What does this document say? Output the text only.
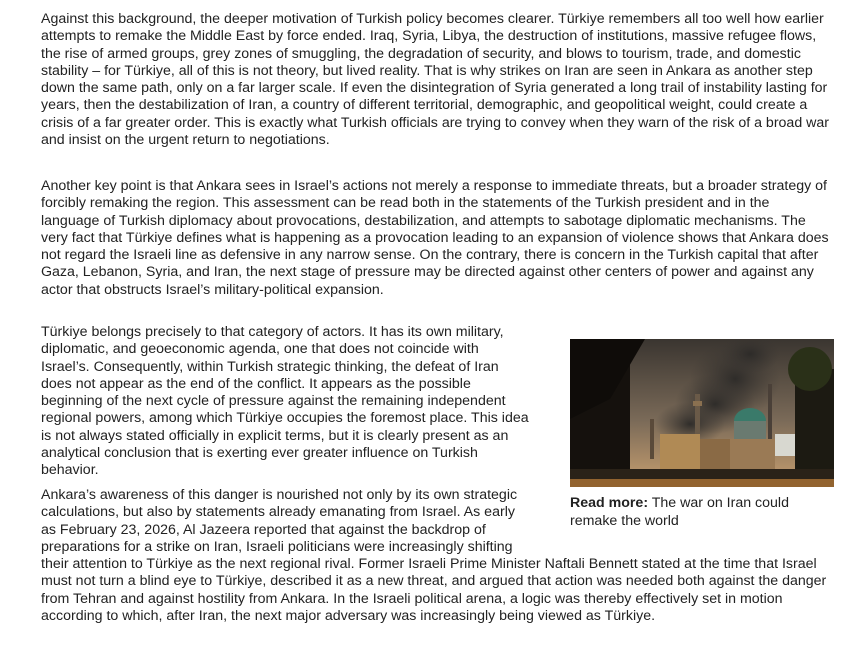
Against this background, the deeper motivation of Turkish policy becomes clearer. Türkiye remembers all too well how earlier attempts to remake the Middle East by force ended. Iraq, Syria, Libya, the destruction of institutions, massive refugee flows, the rise of armed groups, grey zones of smuggling, the degradation of security, and blows to tourism, trade, and domestic stability – for Türkiye, all of this is not theory, but lived reality. That is why strikes on Iran are seen in Ankara as another step down the same path, only on a far larger scale. If even the disintegration of Syria generated a long trail of instability lasting for years, then the destabilization of Iran, a country of different territorial, demographic, and geopolitical weight, could create a crisis of a far greater order. This is exactly what Turkish officials are trying to convey when they warn of the risk of a broad war and insist on the urgent return to negotiations.

Another key point is that Ankara sees in Israel’s actions not merely a response to immediate threats, but a broader strategy of forcibly remaking the region. This assessment can be read both in the statements of the Turkish president and in the language of Turkish diplomacy about provocations, destabilization, and attempts to sabotage diplomatic mechanisms. The very fact that Türkiye defines what is happening as a provocation leading to an expansion of violence shows that Ankara does not regard the Israeli line as defensive in any narrow sense. On the contrary, there is concern in the Turkish capital that after Gaza, Lebanon, Syria, and Iran, the next stage of pressure may be directed against other centers of power and against any actor that obstructs Israel’s military-political expansion.

Türkiye belongs precisely to that category of actors. It has its own military, diplomatic, and geoeconomic agenda, one that does not coincide with Israel’s. Consequently, within Turkish strategic thinking, the defeat of Iran does not appear as the end of the conflict. It appears as the possible beginning of the next cycle of pressure against the remaining independent regional powers, among which Türkiye occupies the foremost place. This idea is not always stated officially in explicit terms, but it is clearly present as an analytical conclusion that is exerting ever greater influence on Turkish behavior.

Ankara’s awareness of this danger is nourished not only by its own strategic calculations, but also by statements already emanating from Israel. As early as February 23, 2026, Al Jazeera reported that against the backdrop of preparations for a strike on Iran, Israeli politicians were increasingly shifting
their attention to Türkiye as the next regional rival. Former Israeli Prime Minister Naftali Bennett stated at the time that Israel must not turn a blind eye to Türkiye, described it as a new threat, and argued that action was needed both against the danger from Tehran and against hostility from Ankara. In the Israeli political arena, a logic was thereby effectively set in motion according to which, after Iran, the next major adversary was increasingly being viewed as Türkiye.

Read more: The war on Iran could remake the world
